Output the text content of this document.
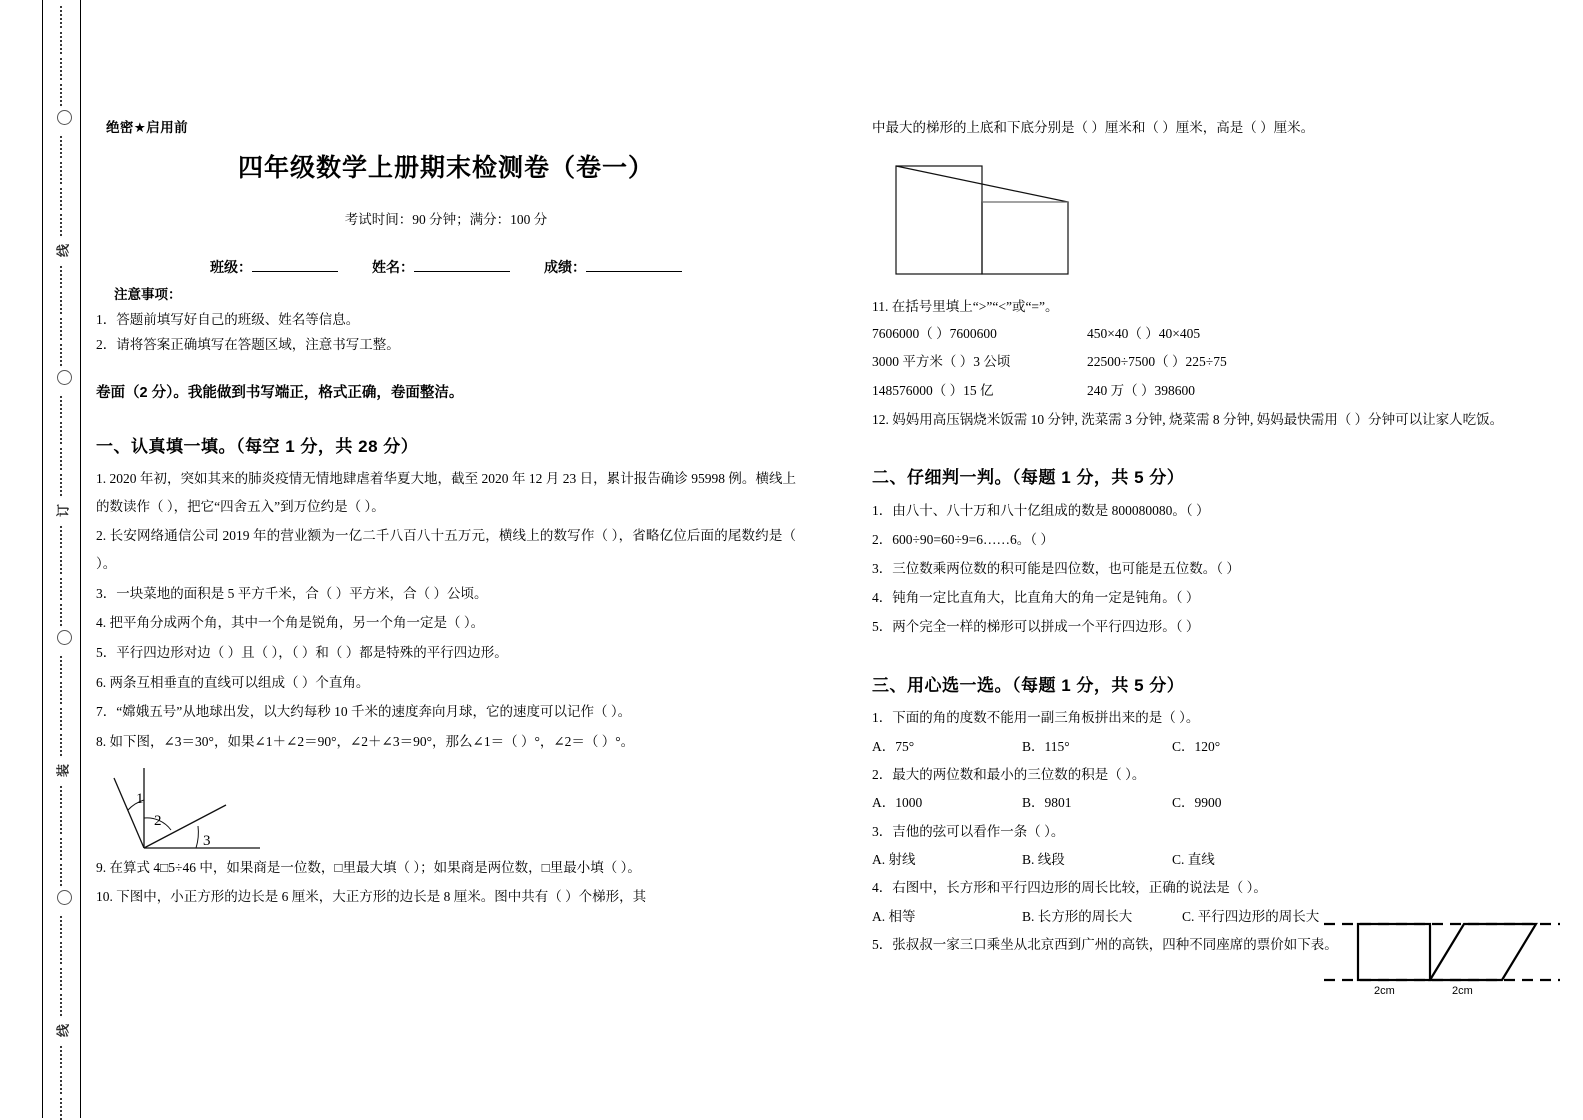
线
订
装
线
绝密★启用前
四年级数学上册期末检测卷（卷一）
考试时间：90 分钟；满分：100 分
班级：	姓名：	成绩：
注意事项：
1．答题前填写好自己的班级、姓名等信息。
2．请将答案正确填写在答题区域，注意书写工整。
卷面（2 分）。我能做到书写端正，格式正确，卷面整洁。
一、认真填一填。（每空 1 分，共 28 分）
1. 2020 年初，突如其来的肺炎疫情无情地肆虐着华夏大地，截至 2020 年 12 月 23 日，累计报告确诊 95998 例。横线上的数读作（ ），把它“四舍五入”到万位约是（ ）。
2. 长安网络通信公司 2019 年的营业额为一亿二千八百八十五万元，横线上的数写作（ ），省略亿位后面的尾数约是（ ）。
3．一块菜地的面积是 5 平方千米，合（ ）平方米，合（ ）公顷。
4. 把平角分成两个角，其中一个角是锐角，另一个角一定是（ ）。
5．平行四边形对边（ ）且（ ），（ ）和（ ）都是特殊的平行四边形。
6. 两条互相垂直的直线可以组成（ ）个直角。
7．“嫦娥五号”从地球出发，以大约每秒 10 千米的速度奔向月球，它的速度可以记作（ ）。
8. 如下图，∠3＝30°，如果∠1＋∠2＝90°，∠2＋∠3＝90°，那么∠1＝（ ）°，∠2＝（ ）°。
1
2
3
9. 在算式 4□5÷46 中，如果商是一位数，□里最大填（ ）；如果商是两位数，□里最小填（ ）。
10. 下图中，小正方形的边长是 6 厘米，大正方形的边长是 8 厘米。图中共有（ ）个梯形，其
中最大的梯形的上底和下底分别是（ ）厘米和（ ）厘米，高是（ ）厘米。
11. 在括号里填上“>”“<”或“=”。
7606000（ ）7600600	450×40（ ）40×405
3000 平方米（ ）3 公顷	22500÷7500（ ）225÷75
148576000（ ）15 亿	240 万（ ）398600
12. 妈妈用高压锅烧米饭需 10 分钟, 洗菜需 3 分钟, 烧菜需 8 分钟, 妈妈最快需用（ ）分钟可以让家人吃饭。
二、仔细判一判。（每题 1 分，共 5 分）
1．由八十、八十万和八十亿组成的数是 800080080。（ ）
2．600÷90=60÷9=6……6。（ ）
3．三位数乘两位数的积可能是四位数，也可能是五位数。（ ）
4．钝角一定比直角大，比直角大的角一定是钝角。（ ）
5．两个完全一样的梯形可以拼成一个平行四边形。（ ）
三、用心选一选。（每题 1 分，共 5 分）
1．下面的角的度数不能用一副三角板拼出来的是（ ）。
A．75°	B．115°	C．120°
2．最大的两位数和最小的三位数的积是（ ）。
A．1000	B．9801	C．9900
3．吉他的弦可以看作一条（ ）。
A. 射线	B. 线段	C. 直线
4．右图中，长方形和平行四边形的周长比较，正确的说法是（ ）。
A. 相等	B. 长方形的周长大	C. 平行四边形的周长大
5．张叔叔一家三口乘坐从北京西到广州的高铁，四种不同座席的票价如下表。
2cm	2cm
